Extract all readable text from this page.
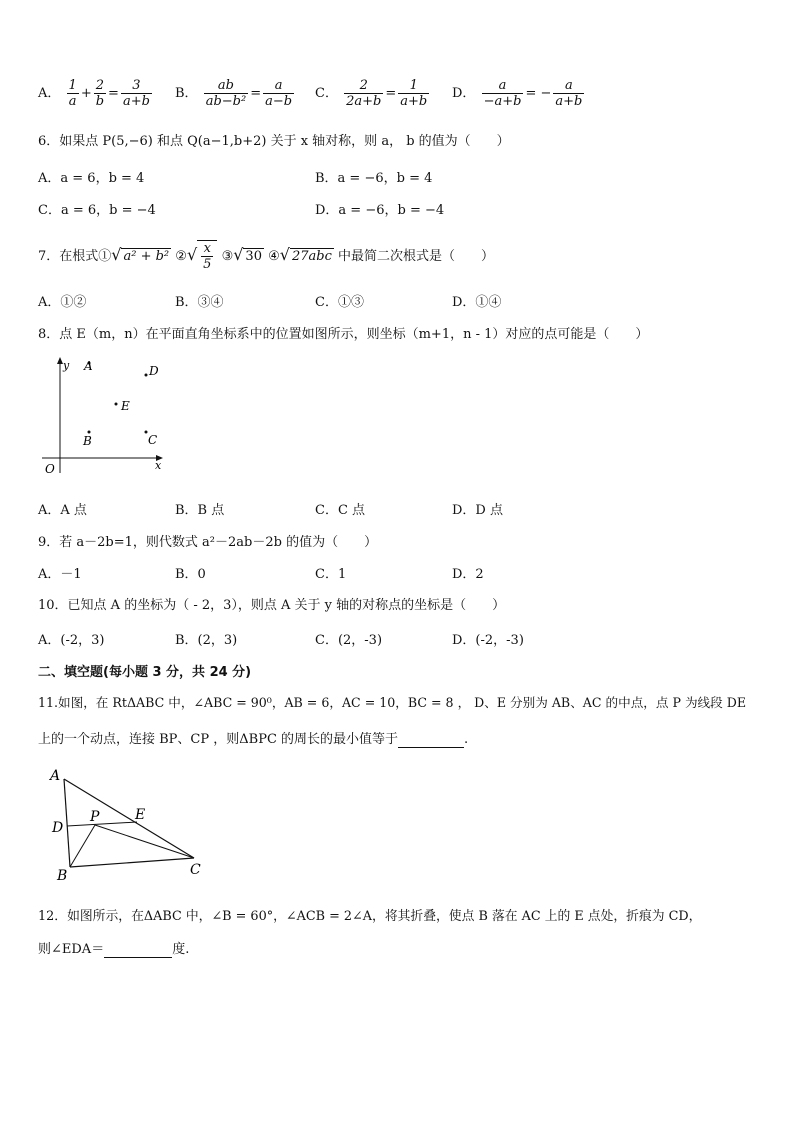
A． $\frac{1}{a} + \frac{2}{b} = \frac{3}{a+b}$ B． $\frac{ab}{\text{ab−b²}} = \frac{a}{a-b}$ C． $\frac{2}{2a+b} = \frac{1}{a+b}$ D． $\frac{a}{-a+b}$ = − $\frac{a}{a+b}$
6．如果点 P(5,−6) 和点 Q(a−1,b+2) 关于 x 轴对称，则 a， b 的值为（　　）
A．a = 6，b = 4	B．a = −6，b = 4
C．a = 6，b = −4	D．a = −6，b = −4
7．在根式①√ a² + b² ②√ $\frac{x}{5}$ ③√ 30 ④√ 27abc 中最简二次根式是（　　）
A．①②	B．③④	C．①③	D．①④
8．点 E（m，n）在平面直角坐标系中的位置如图所示，则坐标（m+1，n - 1）对应的点可能是（　　）
y
x
O
A	D
E
B	C
A．A 点	B．B 点	C．C 点	D．D 点
9．若 a－2b=1，则代数式 a²－2ab－2b 的值为（　　）
A．－1	B．0	C．1	D．2
10．已知点 A 的坐标为（ - 2，3），则点 A 关于 y 轴的对称点的坐标是（　　）
A．(-2，3)	B．(2，3)	C．(2，-3)	D．(-2，-3)
二、填空题(每小题 3 分，共 24 分)
11.如图，在 RtΔABC 中，∠ABC = 90⁰，AB = 6，AC = 10，BC = 8 ， D、E 分别为 AB、AC 的中点，点 P 为线段 DE
上的一个动点，连接 BP、CP ，则ΔBPC 的周长的最小值等于	.
A
D
P	E
B	C
12．如图所示，在ΔABC 中，∠B = 60°，∠ACB = 2∠A，将其折叠，使点 B 落在 AC 上的 E 点处，折痕为 CD，
则∠EDA＝	度.
